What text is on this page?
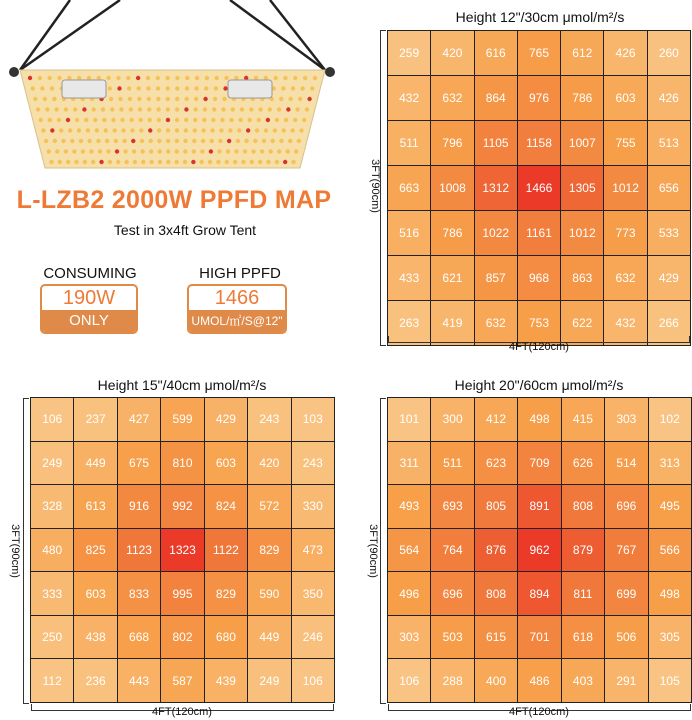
L-LZB2 2000W PPFD MAP
Test in 3x4ft Grow Tent
CONSUMING
190W
ONLY
HIGH PPFD
1466
UMOL/㎡/S@12"
Height 12"/30cm μmol/m²/s
3FT(90cm)
259	420	616	765	612	426	260
432	632	864	976	786	603	426
511	796	1105	1158	1007	755	513
663	1008	1312	1466	1305	1012	656
516	786	1022	1161	1012	773	533
433	621	857	968	863	632	429
263	419	632	753	622	432	266
4FT(120cm)
Height 15"/40cm μmol/m²/s
3FT(90cm)
106	237	427	599	429	243	103
249	449	675	810	603	420	243
328	613	916	992	824	572	330
480	825	1123	1323	1122	829	473
333	603	833	995	829	590	350
250	438	668	802	680	449	246
112	236	443	587	439	249	106
4FT(120cm)
Height 20"/60cm μmol/m²/s
3FT(90cm)
101	300	412	498	415	303	102
311	511	623	709	626	514	313
493	693	805	891	808	696	495
564	764	876	962	879	767	566
496	696	808	894	811	699	498
303	503	615	701	618	506	305
106	288	400	486	403	291	105
4FT(120cm)
